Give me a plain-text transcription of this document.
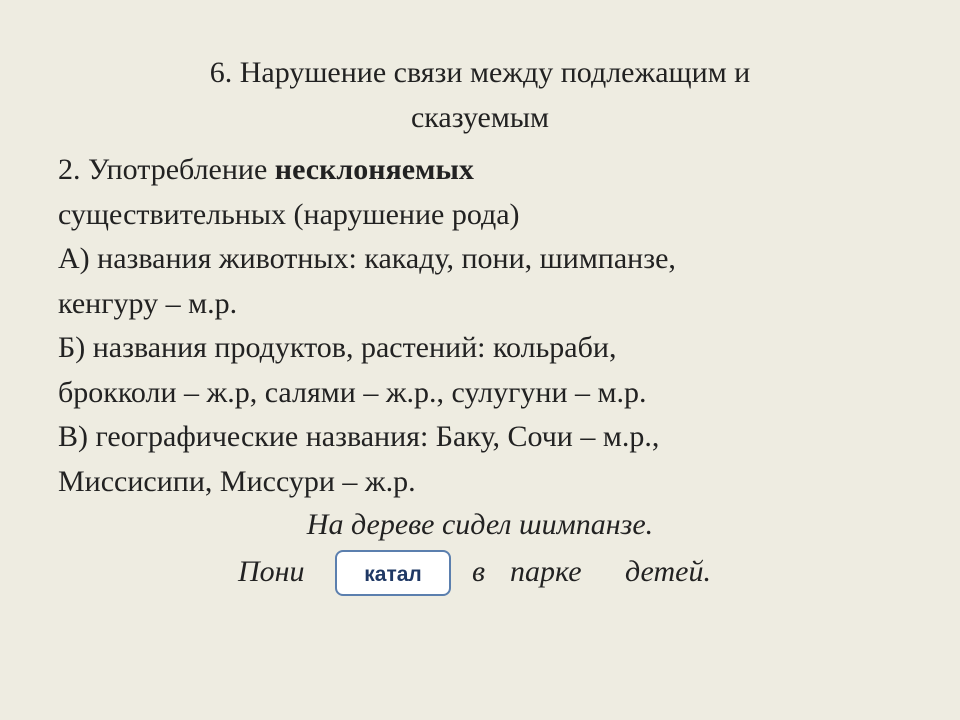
6. Нарушение связи между подлежащим и
сказуемым

2. Употребление несклоняемых

существительных (нарушение рода)

А) названия животных: какаду, пони, шимпанзе,

кенгуру – м.р.

Б) названия продуктов, растений: кольраби,

брокколи – ж.р, салями – ж.р., сулугуни – м.р.

В) географические названия: Баку, Сочи – м.р.,

Миссисипи, Миссури – ж.р.

На дереве сидел шимпанзе.
Пони	в парке детей.
катал
